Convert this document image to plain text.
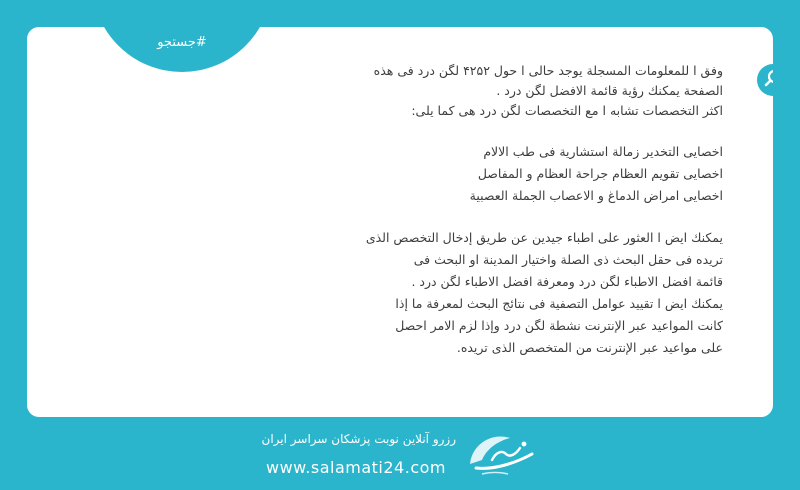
#جستجو

وفق ا للمعلومات المسجلة یوجد حالی ا حول ۴۲۵۲ لگن درد فی هذه

الصفحة یمكنك رؤیة قائمة الافضل لگن درد .

اكثر التخصصات تشابه ا مع التخصصات لگن درد هی كما یلی:

اخصایی التخدیر زمالة استشاریة فی طب الالام

اخصایی تقویم العظام جراحة العظام و المفاصل

اخصایی امراض الدماغ و الاعصاب الجملة العصبیة

یمكنك ایض ا العثور علی اطباء جیدین عن طریق إدخال التخصص الذی

تریده فی حقل البحث ذی الصلة واختیار المدینة او البحث فی

قائمة افضل الاطباء لگن درد ومعرفة افضل الاطباء لگن درد .

یمكنك ایض ا تقیید عوامل التصفیة فی نتائج البحث لمعرفة ما إذا

كانت المواعید عبر الإنترنت نشطة لگن درد وإذا لزم الامر احصل

علی مواعید عبر الإنترنت من المتخصص الذی تریده.

رزرو آنلاین نوبت پزشکان سراسر ایران
www.salamati24.com
